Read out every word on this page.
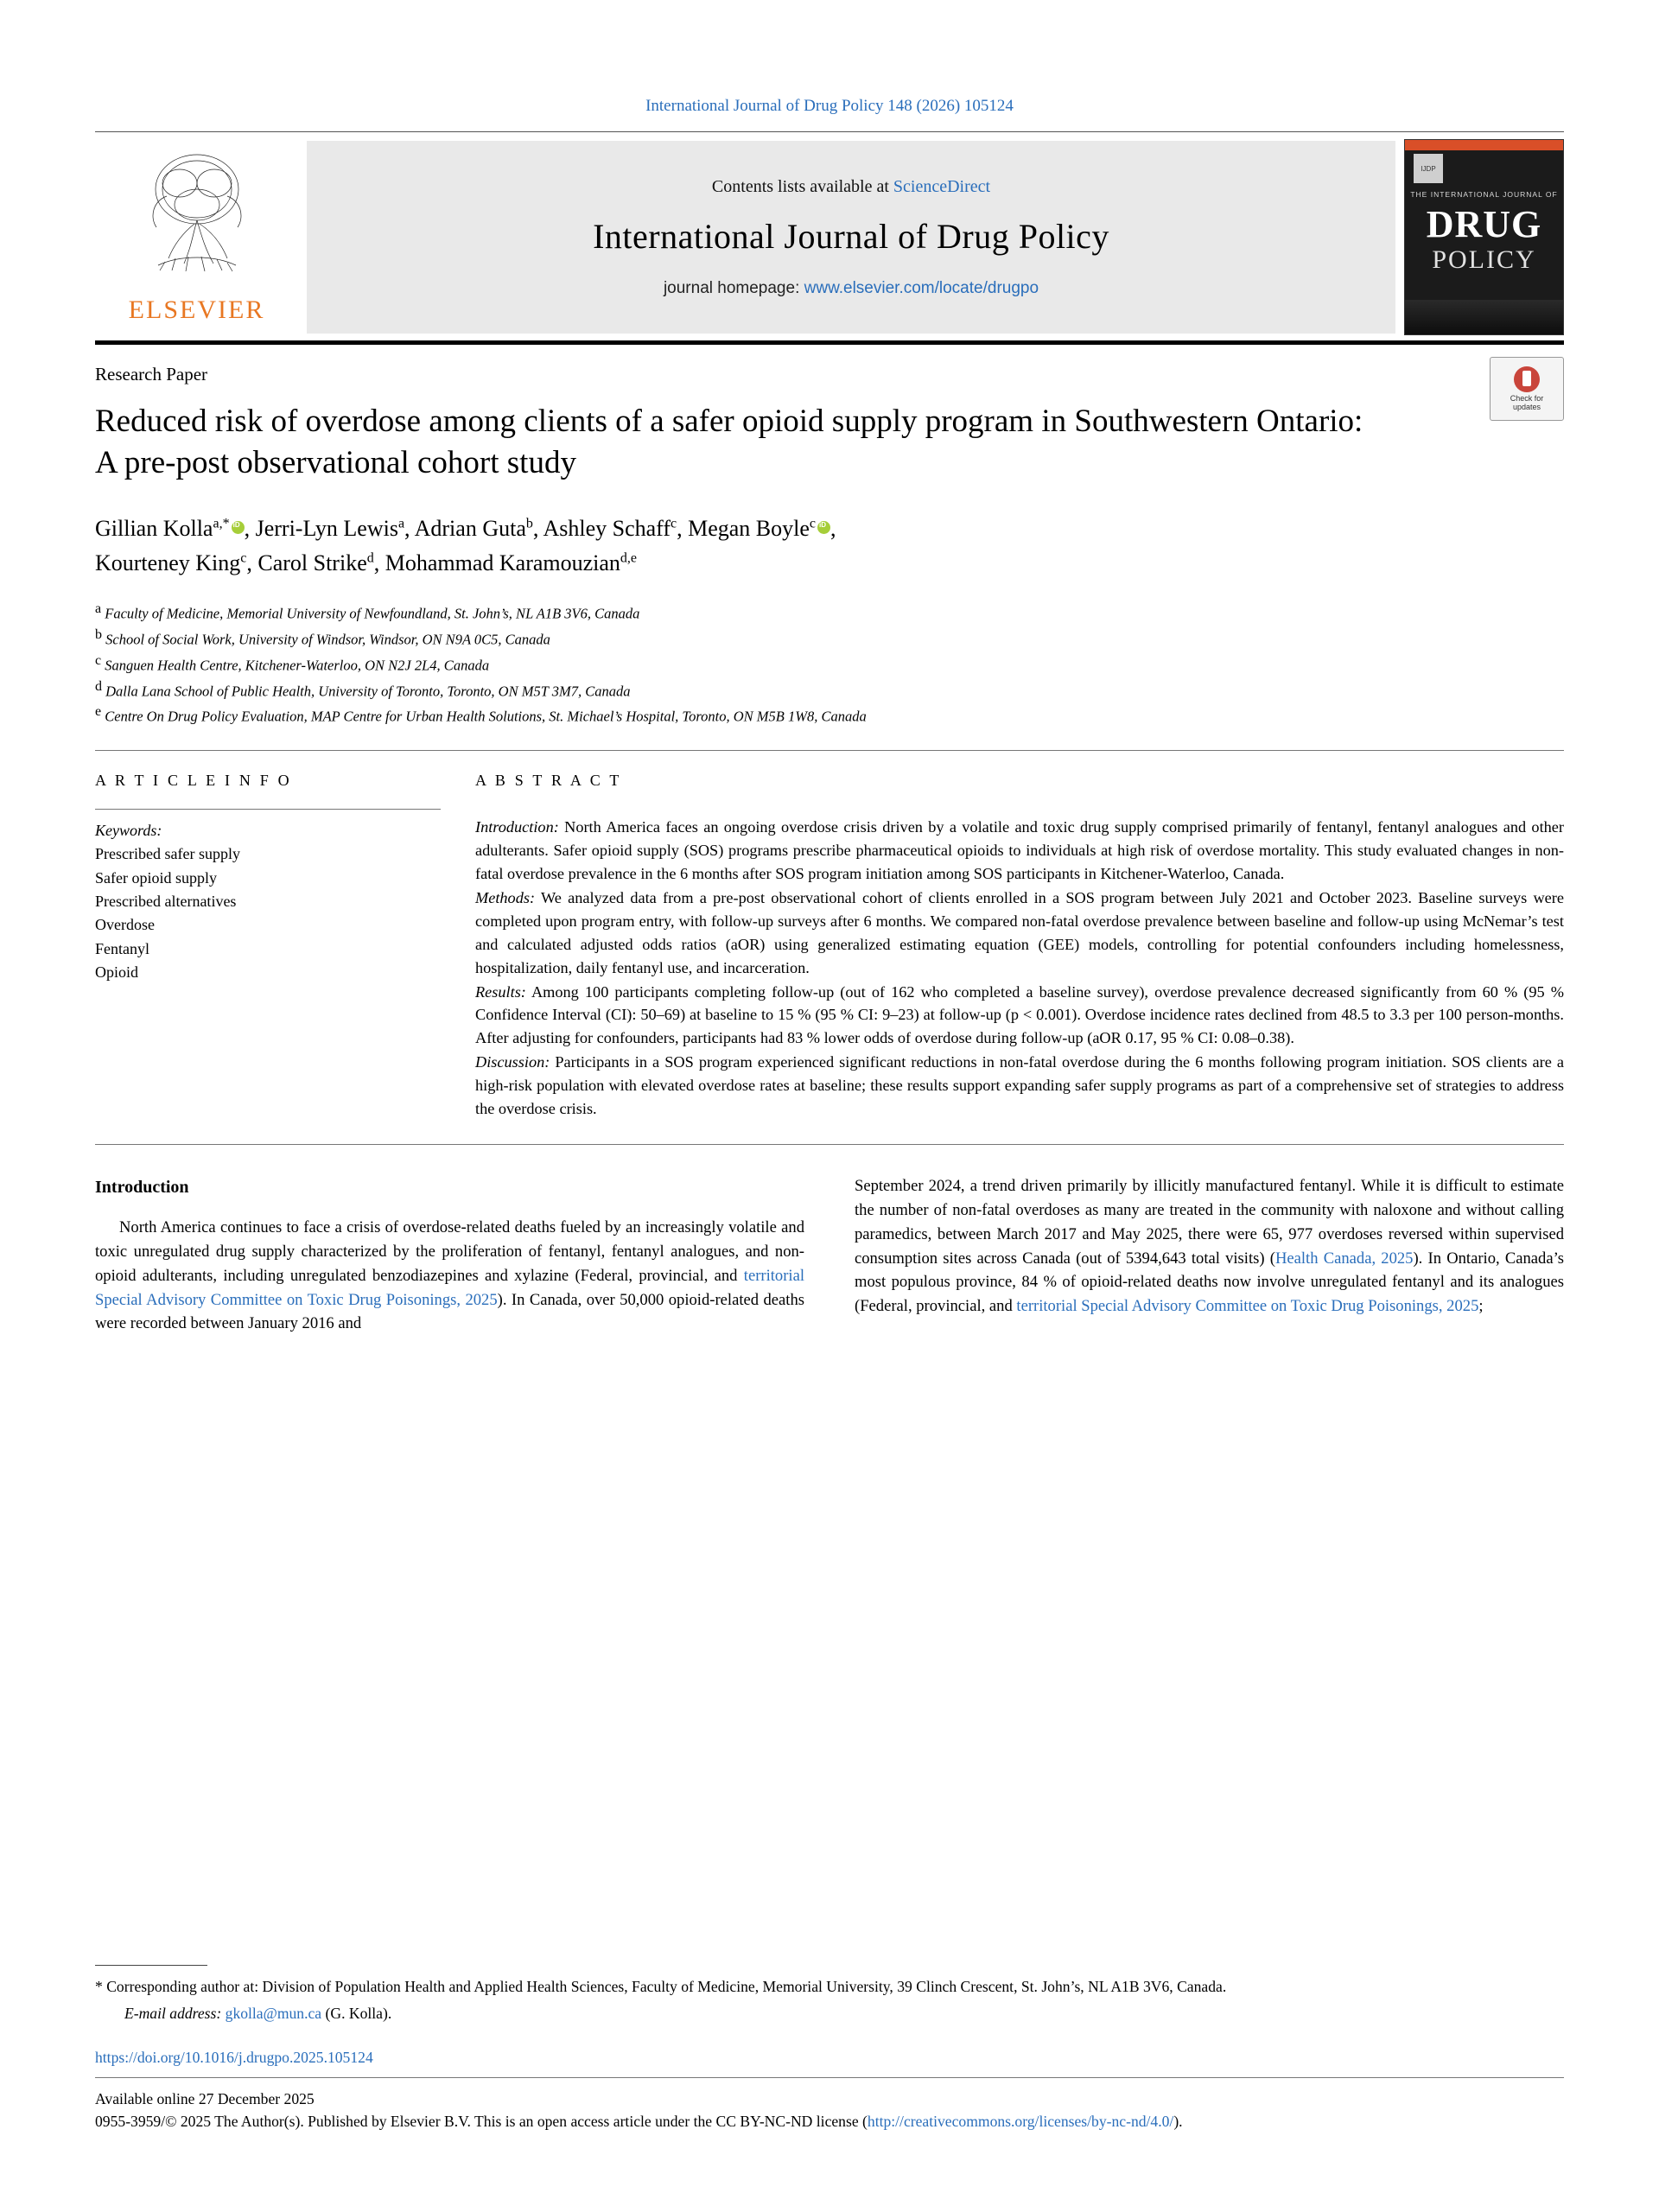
International Journal of Drug Policy 148 (2026) 105124
ELSEVIER
Contents lists available at ScienceDirect
International Journal of Drug Policy
journal homepage: www.elsevier.com/locate/drugpo
IJDP
THE INTERNATIONAL JOURNAL OF
DRUG
POLICY
Research Paper
Check for
updates
Reduced risk of overdose among clients of a safer opioid supply program in Southwestern Ontario: A pre-post observational cohort study
Gillian Kolla$^{a,*}$ iD , Jerri-Lyn Lewis$^a$, Adrian Guta$^b$, Ashley Schaff$^c$, Megan Boyle$^c$ iD ,
Kourteney King$^c$, Carol Strike$^d$, Mohammad Karamouzian$^{d,e}$
a Faculty of Medicine, Memorial University of Newfoundland, St. John’s, NL A1B 3V6, Canada
b School of Social Work, University of Windsor, Windsor, ON N9A 0C5, Canada
c Sanguen Health Centre, Kitchener-Waterloo, ON N2J 2L4, Canada
d Dalla Lana School of Public Health, University of Toronto, Toronto, ON M5T 3M7, Canada
e Centre On Drug Policy Evaluation, MAP Centre for Urban Health Solutions, St. Michael’s Hospital, Toronto, ON M5B 1W8, Canada
A R T I C L E I N F O
Keywords:
Prescribed safer supply
Safer opioid supply
Prescribed alternatives
Overdose
Fentanyl
Opioid
A B S T R A C T

Introduction: North America faces an ongoing overdose crisis driven by a volatile and toxic drug supply comprised primarily of fentanyl, fentanyl analogues and other adulterants. Safer opioid supply (SOS) programs prescribe pharmaceutical opioids to individuals at high risk of overdose mortality. This study evaluated changes in non-fatal overdose prevalence in the 6 months after SOS program initiation among SOS participants in Kitchener-Waterloo, Canada.

Methods: We analyzed data from a pre-post observational cohort of clients enrolled in a SOS program between July 2021 and October 2023. Baseline surveys were completed upon program entry, with follow-up surveys after 6 months. We compared non-fatal overdose prevalence between baseline and follow-up using McNemar’s test and calculated adjusted odds ratios (aOR) using generalized estimating equation (GEE) models, controlling for potential confounders including homelessness, hospitalization, daily fentanyl use, and incarceration.

Results: Among 100 participants completing follow-up (out of 162 who completed a baseline survey), overdose prevalence decreased significantly from 60 % (95 % Confidence Interval (CI): 50–69) at baseline to 15 % (95 % CI: 9–23) at follow-up (p < 0.001). Overdose incidence rates declined from 48.5 to 3.3 per 100 person-months. After adjusting for confounders, participants had 83 % lower odds of overdose during follow-up (aOR 0.17, 95 % CI: 0.08–0.38).

Discussion: Participants in a SOS program experienced significant reductions in non-fatal overdose during the 6 months following program initiation. SOS clients are a high-risk population with elevated overdose rates at baseline; these results support expanding safer supply programs as part of a comprehensive set of strategies to address the overdose crisis.

Introduction

North America continues to face a crisis of overdose-related deaths fueled by an increasingly volatile and toxic unregulated drug supply characterized by the proliferation of fentanyl, fentanyl analogues, and non-opioid adulterants, including unregulated benzodiazepines and xylazine (Federal, provincial, and territorial Special Advisory Committee on Toxic Drug Poisonings, 2025). In Canada, over 50,000 opioid-related deaths were recorded between January 2016 and

September 2024, a trend driven primarily by illicitly manufactured fentanyl. While it is difficult to estimate the number of non-fatal overdoses as many are treated in the community with naloxone and without calling paramedics, between March 2017 and May 2025, there were 65, 977 overdoses reversed within supervised consumption sites across Canada (out of 5394,643 total visits) (Health Canada, 2025). In Ontario, Canada’s most populous province, 84 % of opioid-related deaths now involve unregulated fentanyl and its analogues (Federal, provincial, and territorial Special Advisory Committee on Toxic Drug Poisonings, 2025;

* Corresponding author at: Division of Population Health and Applied Health Sciences, Faculty of Medicine, Memorial University, 39 Clinch Crescent, St. John’s, NL A1B 3V6, Canada.
E-mail address: gkolla@mun.ca (G. Kolla).
https://doi.org/10.1016/j.drugpo.2025.105124
Available online 27 December 2025
0955-3959/© 2025 The Author(s). Published by Elsevier B.V. This is an open access article under the CC BY-NC-ND license (http://creativecommons.org/licenses/by-nc-nd/4.0/).
